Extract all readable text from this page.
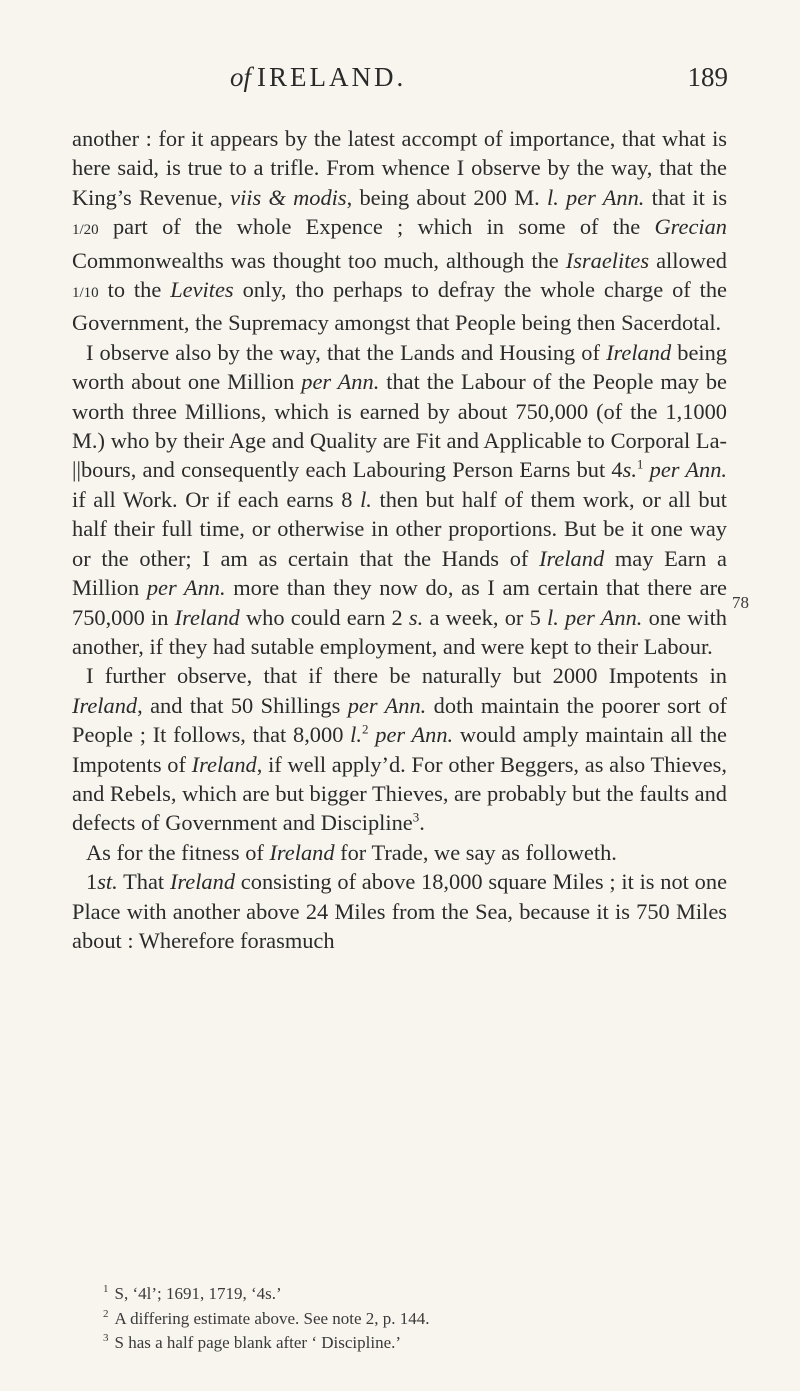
of IRELAND.	189

another : for it appears by the latest accompt of importance, that what is here said, is true to a trifle. From whence I observe by the way, that the King’s Revenue, viis & modis, being about 200 M. l. per Ann. that it is 1/20 part of the whole Expence ; which in some of the Grecian Commonwealths was thought too much, although the Israelites allowed 1/10 to the Levites only, tho perhaps to defray the whole charge of the Government, the Supremacy amongst that People being then Sacerdotal.

I observe also by the way, that the Lands and Housing of Ireland being worth about one Million per Ann. that the Labour of the People may be worth three Millions, which is earned by about 750,000 (of the 1,1000 M.) who by their Age and Quality are Fit and Applicable to Corporal La-||bours, and consequently each Labouring Person Earns but 4s.$^1$ per Ann. if all Work. Or if each earns 8 l. then but half of them work, or all but half their full time, or otherwise in other proportions. But be it one way or the other; I am as certain that the Hands of Ireland may Earn a Million per Ann. more than they now do, as I am certain that there are 750,000 in Ireland who could earn 2 s. a week, or 5 l. per Ann. one with another, if they had sutable employment, and were kept to their Labour.

I further observe, that if there be naturally but 2000 Impotents in Ireland, and that 50 Shillings per Ann. doth maintain the poorer sort of People ; It follows, that 8,000 l.$^2$ per Ann. would amply maintain all the Impotents of Ireland, if well apply’d. For other Beggers, as also Thieves, and Rebels, which are but bigger Thieves, are probably but the faults and defects of Government and Discipline$^3$.

As for the fitness of Ireland for Trade, we say as followeth.

1st. That Ireland consisting of above 18,000 square Miles ; it is not one Place with another above 24 Miles from the Sea, because it is 750 Miles about : Wherefore forasmuch

78
$^1$ S, ‘4l’; 1691, 1719, ‘4s.’
$^2$ A differing estimate above. See note 2, p. 144.
$^3$ S has a half page blank after ‘ Discipline.’
